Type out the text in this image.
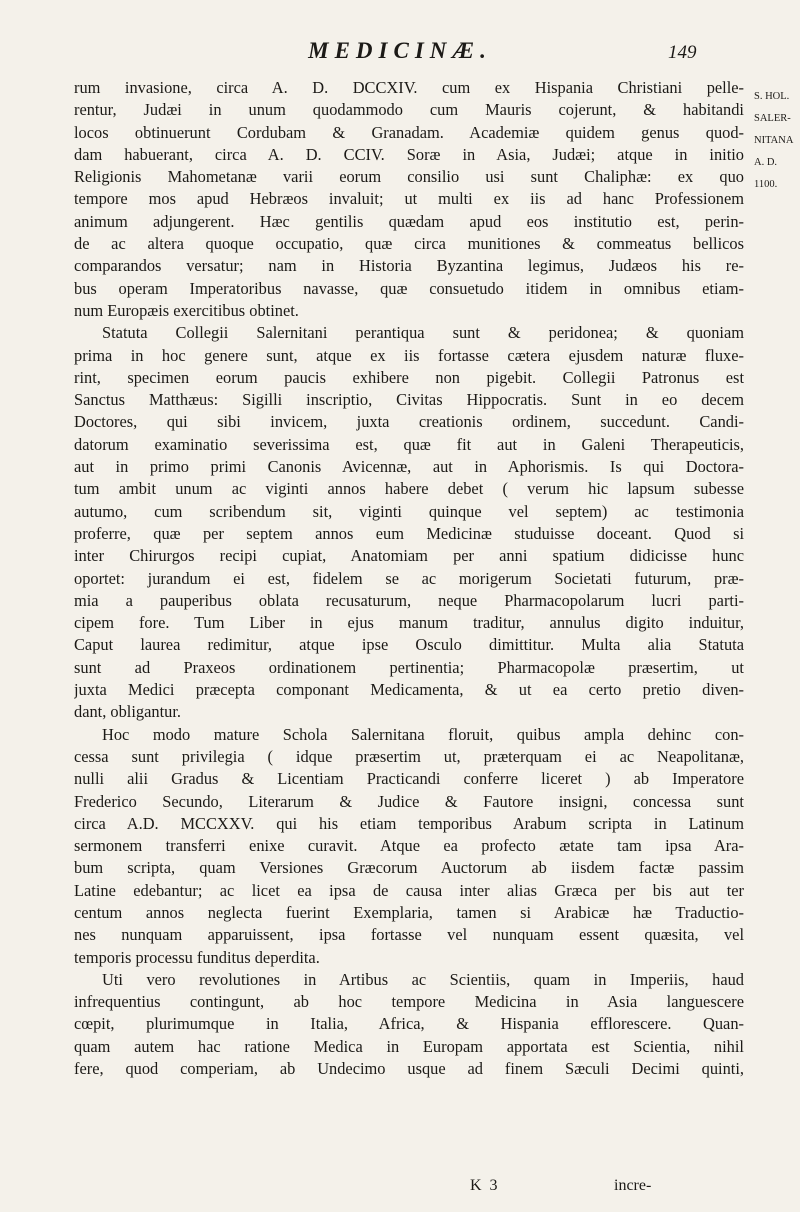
MEDICINÆ.	149
S. HOL.
SALER-
NITANA
A. D.
1100.
rum invasione, circa A. D. DCCXIV. cum ex Hispania Christiani pelle-
rentur, Judæi in unum quodammodo cum Mauris cojerunt, & habitandi
locos obtinuerunt Cordubam & Granadam. Academiæ quidem genus quod-
dam habuerant, circa A. D. CCIV. Soræ in Asia, Judæi; atque in initio
Religionis Mahometanæ varii eorum consilio usi sunt Chaliphæ: ex quo
tempore mos apud Hebræos invaluit; ut multi ex iis ad hanc Professionem
animum adjungerent. Hæc gentilis quædam apud eos institutio est, perin-
de ac altera quoque occupatio, quæ circa munitiones & commeatus bellicos
comparandos versatur; nam in Historia Byzantina legimus, Judæos his re-
bus operam Imperatoribus navasse, quæ consuetudo itidem in omnibus etiam-
num Europæis exercitibus obtinet.
Statuta Collegii Salernitani perantiqua sunt & peridonea; & quoniam
prima in hoc genere sunt, atque ex iis fortasse cætera ejusdem naturæ fluxe-
rint, specimen eorum paucis exhibere non pigebit. Collegii Patronus est
Sanctus Matthæus: Sigilli inscriptio, Civitas Hippocratis. Sunt in eo decem
Doctores, qui sibi invicem, juxta creationis ordinem, succedunt. Candi-
datorum examinatio severissima est, quæ fit aut in Galeni Therapeuticis,
aut in primo primi Canonis Avicennæ, aut in Aphorismis. Is qui Doctora-
tum ambit unum ac viginti annos habere debet ( verum hic lapsum subesse
autumo, cum scribendum sit, viginti quinque vel septem) ac testimonia
proferre, quæ per septem annos eum Medicinæ studuisse doceant. Quod si
inter Chirurgos recipi cupiat, Anatomiam per anni spatium didicisse hunc
oportet: jurandum ei est, fidelem se ac morigerum Societati futurum, præ-
mia a pauperibus oblata recusaturum, neque Pharmacopolarum lucri parti-
cipem fore. Tum Liber in ejus manum traditur, annulus digito induitur,
Caput laurea redimitur, atque ipse Osculo dimittitur. Multa alia Statuta
sunt ad Praxeos ordinationem pertinentia; Pharmacopolæ præsertim, ut
juxta Medici præcepta componant Medicamenta, & ut ea certo pretio diven-
dant, obligantur.
Hoc modo mature Schola Salernitana floruit, quibus ampla dehinc con-
cessa sunt privilegia ( idque præsertim ut, præterquam ei ac Neapolitanæ,
nulli alii Gradus & Licentiam Practicandi conferre liceret ) ab Imperatore
Frederico Secundo, Literarum & Judice & Fautore insigni, concessa sunt
circa A.D. MCCXXV. qui his etiam temporibus Arabum scripta in Latinum
sermonem transferri enixe curavit. Atque ea profecto ætate tam ipsa Ara-
bum scripta, quam Versiones Græcorum Auctorum ab iisdem factæ passim
Latine edebantur; ac licet ea ipsa de causa inter alias Græca per bis aut ter
centum annos neglecta fuerint Exemplaria, tamen si Arabicæ hæ Traductio-
nes nunquam apparuissent, ipsa fortasse vel nunquam essent quæsita, vel
temporis processu funditus deperdita.
Uti vero revolutiones in Artibus ac Scientiis, quam in Imperiis, haud
infrequentius contingunt, ab hoc tempore Medicina in Asia languescere
cœpit, plurimumque in Italia, Africa, & Hispania efflorescere. Quan-
quam autem hac ratione Medica in Europam apportata est Scientia, nihil
fere, quod comperiam, ab Undecimo usque ad finem Sæculi Decimi quinti,
K 3	incre-
